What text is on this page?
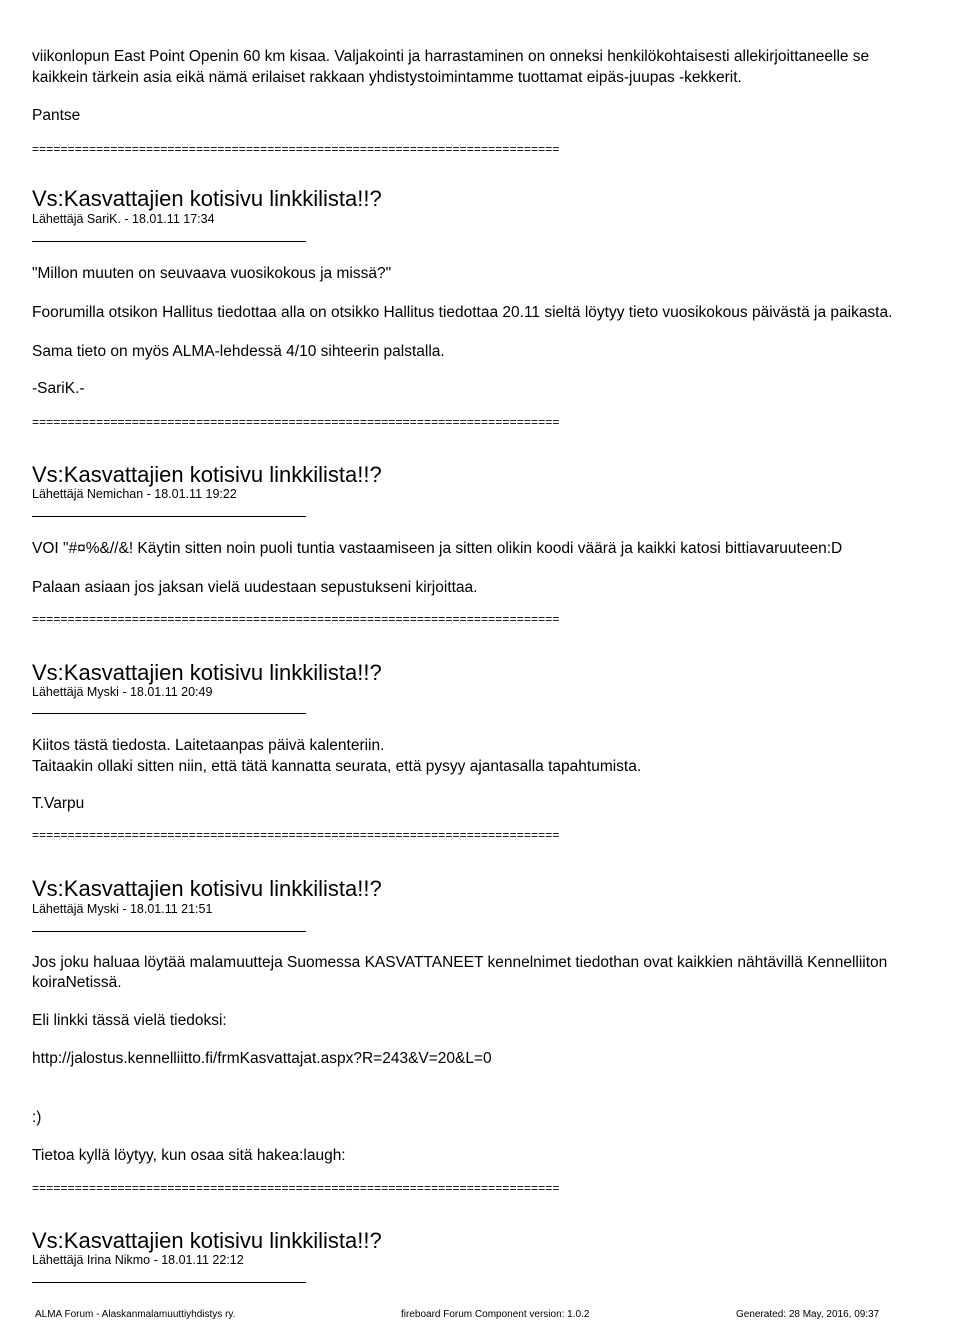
viikonlopun East Point Openin 60 km kisaa. Valjakointi ja harrastaminen on onneksi henkilökohtaisesti allekirjoittaneelle se
kaikkein tärkein asia eikä nämä erilaiset rakkaan yhdistystoimintamme tuottamat eipäs-juupas -kekkerit.
Pantse
==========================================================================
Vs:Kasvattajien kotisivu linkkilista!!?
Lähettäjä SariK. - 18.01.11 17:34
"Millon muuten on seuvaava vuosikokous ja missä?"
Foorumilla otsikon Hallitus tiedottaa alla on otsikko Hallitus tiedottaa 20.11 sieltä löytyy tieto vuosikokous päivästä ja paikasta.
Sama tieto on myös ALMA-lehdessä 4/10 sihteerin palstalla.
-SariK.-
==========================================================================
Vs:Kasvattajien kotisivu linkkilista!!?
Lähettäjä Nemichan - 18.01.11 19:22
VOI "#¤%&//&! Käytin sitten noin puoli tuntia vastaamiseen ja sitten olikin koodi väärä ja kaikki katosi bittiavaruuteen:D
Palaan asiaan jos jaksan vielä uudestaan sepustukseni kirjoittaa.
==========================================================================
Vs:Kasvattajien kotisivu linkkilista!!?
Lähettäjä Myski - 18.01.11 20:49
Kiitos tästä tiedosta. Laitetaanpas päivä kalenteriin.
Taitaakin ollaki sitten niin, että tätä kannatta seurata, että pysyy ajantasalla tapahtumista.
T.Varpu
==========================================================================
Vs:Kasvattajien kotisivu linkkilista!!?
Lähettäjä Myski - 18.01.11 21:51
Jos joku haluaa löytää malamuutteja Suomessa KASVATTANEET kennelnimet tiedothan ovat kaikkien nähtävillä Kennelliiton
koiraNetissä.
Eli linkki tässä vielä tiedoksi:
http://jalostus.kennelliitto.fi/frmKasvattajat.aspx?R=243&V=20&L=0
:)
Tietoa kyllä löytyy, kun osaa sitä hakea:laugh:
==========================================================================
Vs:Kasvattajien kotisivu linkkilista!!?
Lähettäjä Irina Nikmo - 18.01.11 22:12
ALMA Forum - Alaskanmalamuuttiyhdistys ry.	fireboard Forum Component version: 1.0.2	Generated: 28 May, 2016, 09:37
